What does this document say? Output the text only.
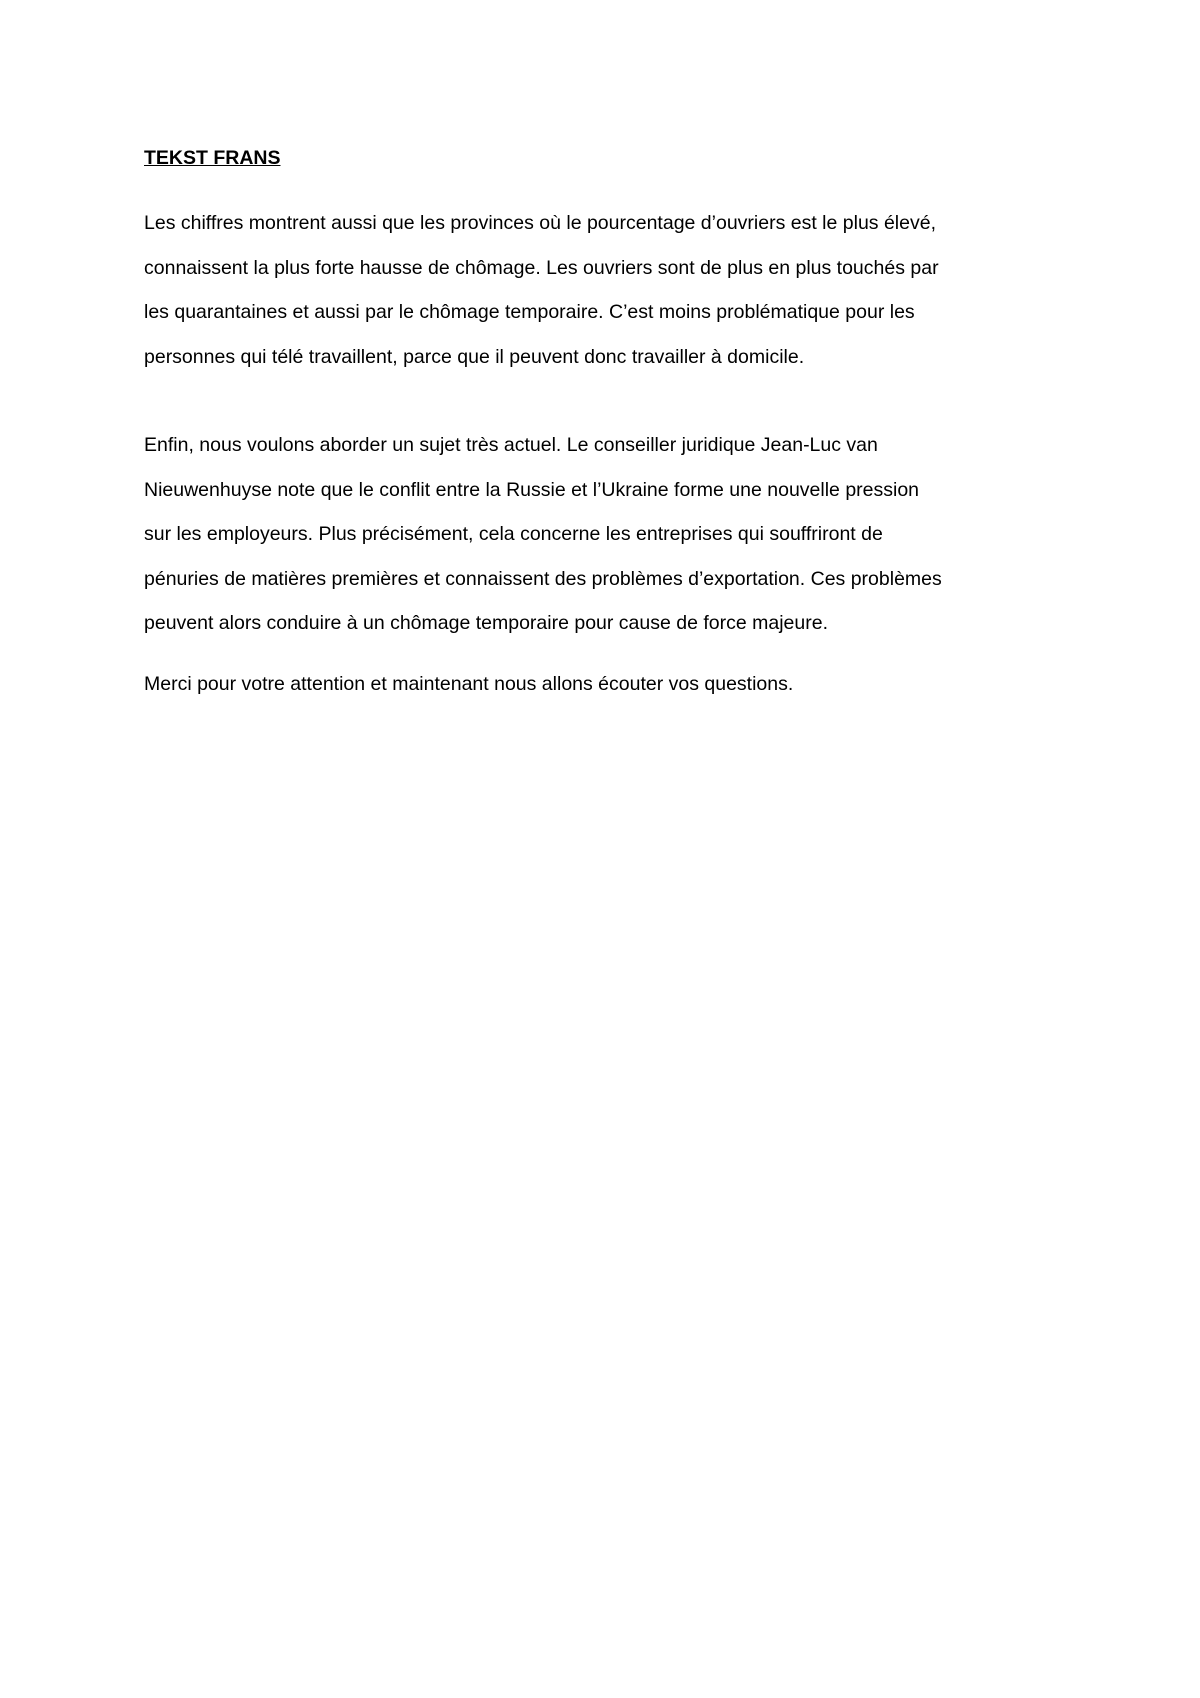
TEKST FRANS

Les chiffres montrent aussi que les provinces où le pourcentage d’ouvriers est le plus élevé,
connaissent la plus forte hausse de chômage. Les ouvriers sont de plus en plus touchés par
les quarantaines et aussi par le chômage temporaire. C’est moins problématique pour les
personnes qui télé travaillent, parce que il peuvent donc travailler à domicile.

Enfin, nous voulons aborder un sujet très actuel. Le conseiller juridique Jean-Luc van
Nieuwenhuyse note que le conflit entre la Russie et l’Ukraine forme une nouvelle pression
sur les employeurs. Plus précisément, cela concerne les entreprises qui souffriront de
pénuries de matières premières et connaissent des problèmes d’exportation. Ces problèmes
peuvent alors conduire à un chômage temporaire pour cause de force majeure.

Merci pour votre attention et maintenant nous allons écouter vos questions.
